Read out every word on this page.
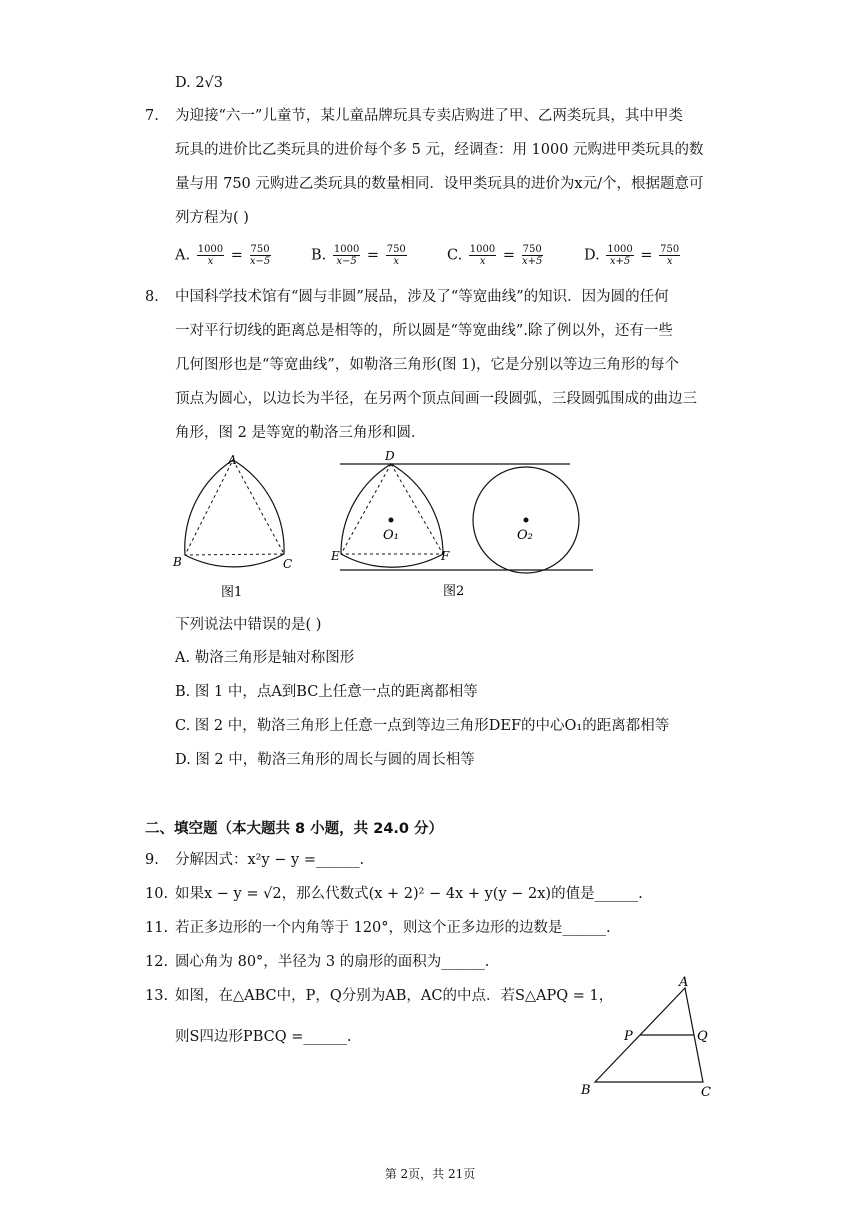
D. 2√3
7. 为迎接“六一”儿童节，某儿童品牌玩具专卖店购进了甲、乙两类玩具，其中甲类
玩具的进价比乙类玩具的进价每个多 5 元，经调查：用 1000 元购进甲类玩具的数
量与用 750 元购进乙类玩具的数量相同．设甲类玩具的进价为x元/个，根据题意可
列方程为( )
A. $\frac{1000}{x} = \frac{750}{x-5}$	B. $\frac{1000}{x-5} = \frac{750}{x}$	C. $\frac{1000}{x} = \frac{750}{x+5}$	D. $\frac{1000}{x+5} = \frac{750}{x}$
8. 中国科学技术馆有“圆与非圆”展品，涉及了“等宽曲线”的知识．因为圆的任何
一对平行切线的距离总是相等的，所以圆是“等宽曲线”.除了例以外，还有一些
几何图形也是“等宽曲线”，如勒洛三角形(图 1)，它是分别以等边三角形的每个
顶点为圆心，以边长为半径，在另两个顶点间画一段圆弧，三段圆弧围成的曲边三
角形，图 2 是等宽的勒洛三角形和圆．
A
B	C
图1
D
E	F
O₁	O₂
图2
下列说法中错误的是( )
A. 勒洛三角形是轴对称图形
B. 图 1 中，点A到BC上任意一点的距离都相等
C. 图 2 中，勒洛三角形上任意一点到等边三角形DEF的中心O₁的距离都相等
D. 图 2 中，勒洛三角形的周长与圆的周长相等
二、填空题（本大题共 8 小题，共 24.0 分）
9. 分解因式：x²y − y =______.
10. 如果x − y = √2，那么代数式(x + 2)² − 4x + y(y − 2x)的值是______.
11. 若正多边形的一个内角等于 120°，则这个正多边形的边数是______.
12. 圆心角为 80°，半径为 3 的扇形的面积为______.
13. 如图，在△ABC中，P，Q分别为AB，AC的中点．若S△APQ = 1，
则S四边形PBCQ =______.
A
P	Q
B	C
第 2页，共 21页
